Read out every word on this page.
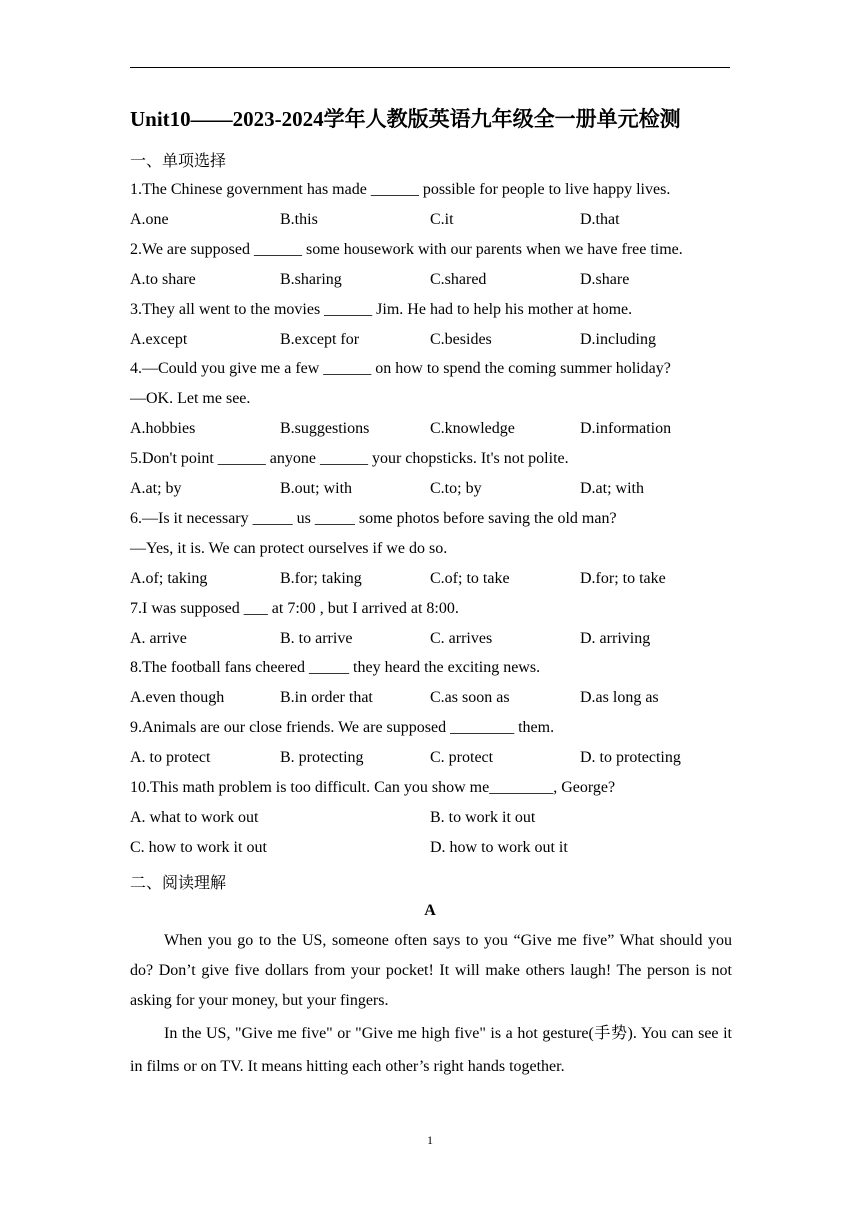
Unit10——2023-2024学年人教版英语九年级全一册单元检测
一、单项选择
1.The Chinese government has made ______ possible for people to live happy lives.
A.one	B.this	C.it	D.that
2.We are supposed ______ some housework with our parents when we have free time.
A.to share	B.sharing	C.shared	D.share
3.They all went to the movies ______ Jim. He had to help his mother at home.
A.except	B.except for	C.besides	D.including
4.—Could you give me a few ______ on how to spend the coming summer holiday?
—OK. Let me see.
A.hobbies	B.suggestions	C.knowledge	D.information
5.Don't point ______ anyone ______ your chopsticks. It's not polite.
A.at; by	B.out; with	C.to; by	D.at; with
6.—Is it necessary _____ us _____ some photos before saving the old man?
—Yes, it is. We can protect ourselves if we do so.
A.of; taking	B.for; taking	C.of; to take	D.for; to take
7.I was supposed ___ at 7:00 , but I arrived at 8:00.
A. arrive	B. to arrive	C. arrives	D. arriving
8.The football fans cheered _____ they heard the exciting news.
A.even though	B.in order that	C.as soon as	D.as long as
9.Animals are our close friends. We are supposed ________ them.
A. to protect	B. protecting	C. protect	D. to protecting
10.This math problem is too difficult. Can you show me________, George?
A. what to work out	B. to work it out
C. how to work it out	D. how to work out it
二、阅读理解
A
When you go to the US, someone often says to you “Give me five” What should you do? Don’t give five dollars from your pocket! It will make others laugh! The person is not asking for your money, but your fingers.
In the US, "Give me five" or "Give me high five" is a hot gesture(手势). You can see it in films or on TV. It means hitting each other’s right hands together.
1
